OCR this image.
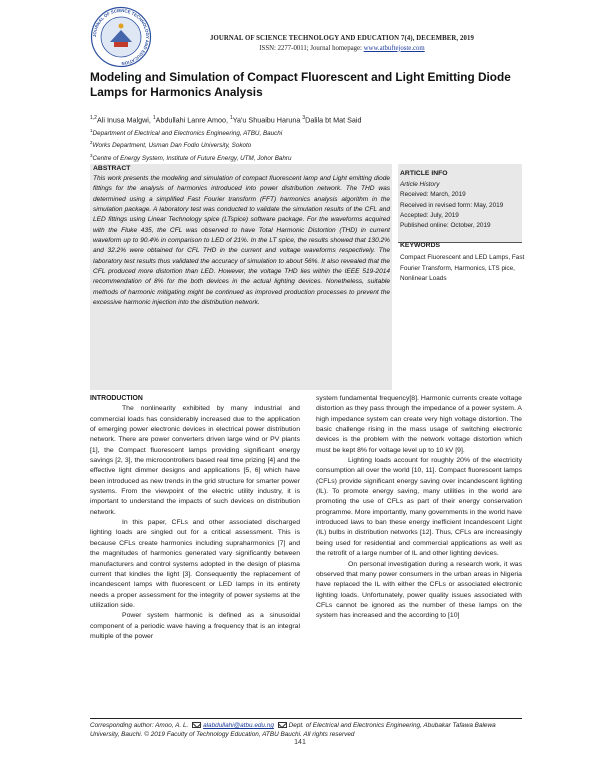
JOURNAL OF SCIENCE TECHNOLOGY AND EDUCATION
JOURNAL OF SCIENCE TECHNOLOGY AND EDUCATION 7(4), DECEMBER, 2019
ISSN: 2277-0011; Journal homepage: www.atbuftejoste.com
Modeling and Simulation of Compact Fluorescent and Light Emitting Diode Lamps for Harmonics Analysis
$^{1,2}$Ali Inusa Malgwi, $^1$Abdullahi Lanre Amoo, $^1$Ya'u Shuaibu Haruna $^3$Dalila bt Mat Said
$^1$Department of Electrical and Electronics Engineering, ATBU, Bauchi
$^2$Works Department, Usman Dan Fodio University, Sokoto
$^3$Centre of Energy System, Institute of Future Energy, UTM, Johor Bahru
ABSTRACT
This work presents the modeling and simulation of compact fluorescent lamp and Light emitting diode fittings for the analysis of harmonics introduced into power distribution network. The THD was determined using a simplified Fast Fourier transform (FFT) harmonics analysis algorithm in the simulation package. A laboratory test was conducted to validate the simulation results of the CFL and LED fittings using Linear Technology spice (LTspice) software package. For the waveforms acquired with the Fluke 435, the CFL was observed to have Total Harmonic Distortion (THD) in current waveform up to 90.4% in comparison to LED of 21%. In the LT spice, the results showed that 130.2% and 32.2% were obtained for CFL THD in the current and voltage waveforms respectively. The laboratory test results thus validated the accuracy of simulation to about 56%. It also revealed that the CFL produced more distortion than LED. However, the voltage THD lies within the IEEE 519-2014 recommendation of 8% for the both devices in the actual lighting devices. Nonetheless, suitable methods of harmonic mitigating might be continued as improved production processes to prevent the excessive harmonic injection into the distribution network.
ARTICLE INFO
Article History
Received: March, 2019
Received in revised form: May, 2019
Accepted: July, 2019
Published online: October, 2019
KEYWORDS
Compact Fluorescent and LED Lamps, Fast Fourier Transform, Harmonics, LTS pice, Nonlinear Loads
INTRODUCTION

The nonlinearity exhibited by many industrial and commercial loads has considerably increased due to the application of emerging power electronic devices in electrical power distribution network. There are power converters driven large wind or PV plants [1], the Compact fluorescent lamps providing significant energy savings [2, 3], the microcontrollers based real time prizing [4] and the effective light dimmer designs and applications [5, 6] which have been introduced as new trends in the grid structure for smarter power systems. From the viewpoint of the electric utility industry, it is important to understand the impacts of such devices on distribution network.

In this paper, CFLs and other associated discharged lighting loads are singled out for a critical assessment. This is because CFLs create harmonics including supraharmonics [7] and the magnitudes of harmonics generated vary significantly between manufacturers and control systems adopted in the design of plasma current that kindles the light [3]. Consequently the replacement of incandescent lamps with fluorescent or LED lamps in its entirety needs a proper assessment for the integrity of power systems at the utilization side.

Power system harmonic is defined as a sinusoidal component of a periodic wave having a frequency that is an integral multiple of the power

system fundamental frequency[8]. Harmonic currents create voltage distortion as they pass through the impedance of a power system. A high impedance system can create very high voltage distortion. The basic challenge rising in the mass usage of switching electronic devices is the problem with the network voltage distortion which must be kept 8% for voltage level up to 10 kV [9].

Lighting loads account for roughly 20% of the electricity consumption all over the world [10, 11]. Compact fluorescent lamps (CFLs) provide significant energy saving over incandescent lighting (IL). To promote energy saving, many utilities in the world are promoting the use of CFLs as part of their energy conservation programme. More importantly, many governments in the world have introduced laws to ban these energy inefficient Incandescent Light (IL) bulbs in distribution networks [12]. Thus, CFLs are increasingly being used for residential and commercial applications as well as the retrofit of a large number of IL and other lighting devices.

On personal investigation during a research work, it was observed that many power consumers in the urban areas in Nigeria have replaced the IL with either the CFLs or associated electronic lighting loads. Unfortunately, power quality issues associated with CFLs cannot be ignored as the number of these lamps on the system has increased and the according to [10]

Corresponding author: Amoo, A. L. alabdullahi@atbu.edu.ng Dept. of Electrical and Electronics Engineering, Abubakar Tafawa Balewa University, Bauchi. © 2019 Faculty of Technology Education, ATBU Bauchi. All rights reserved
141
